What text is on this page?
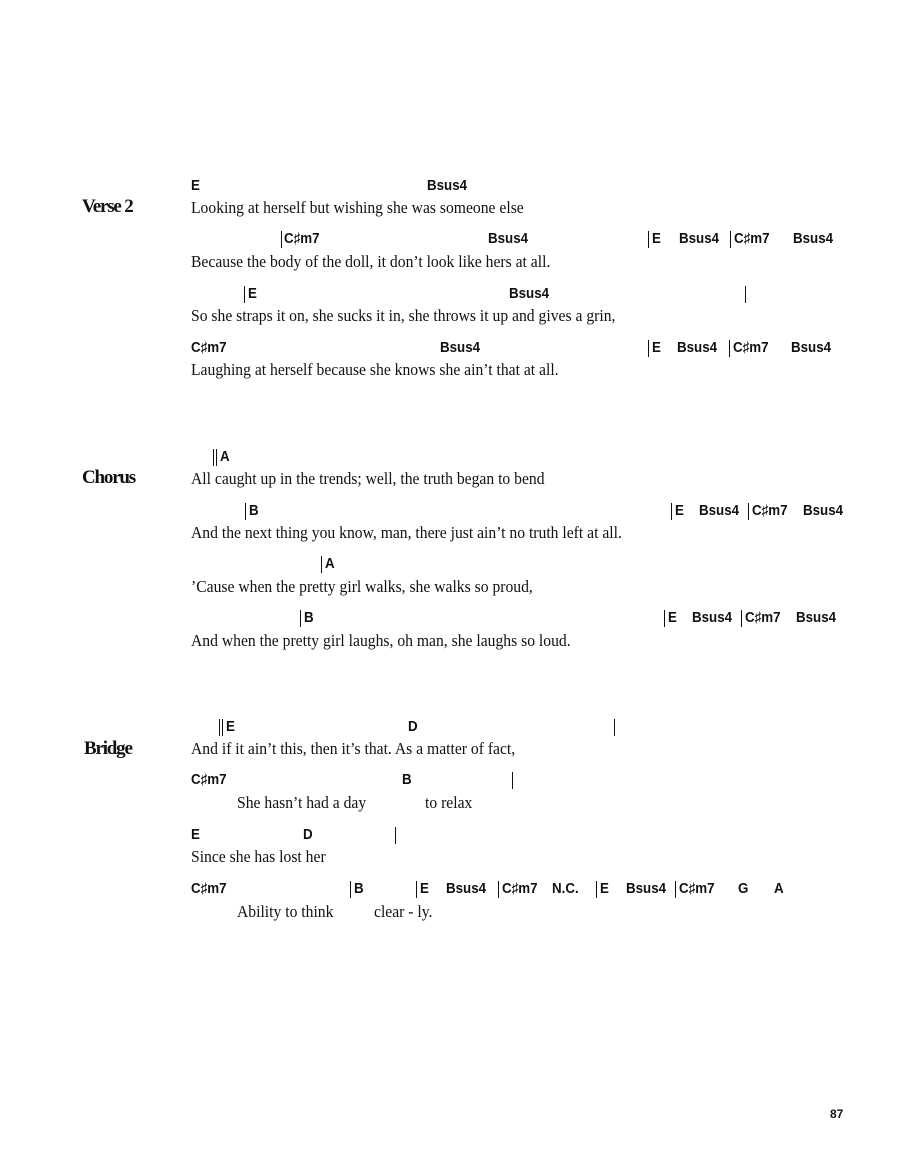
Verse 2
E	Bsus4
Looking at herself but wishing she was someone else
C♯m7	Bsus4	E Bsus4 C♯m7 Bsus4
Because the body of the doll, it don’t look like hers at all.
E	Bsus4
So she straps it on, she sucks it in, she throws it up and gives a grin,
C♯m7	Bsus4	E Bsus4 C♯m7 Bsus4
Laughing at herself because she knows she ain’t that at all.
Chorus
A
All caught up in the trends; well, the truth began to bend
B	E Bsus4 C♯m7 Bsus4
And the next thing you know, man, there just ain’t no truth left at all.
A
’Cause when the pretty girl walks, she walks so proud,
B	E Bsus4 C♯m7 Bsus4
And when the pretty girl laughs, oh man, she laughs so loud.
Bridge
E	D
And if it ain’t this, then it’s that. As a matter of fact,
C♯m7	B
She hasn’t had a day	to relax
E	D
Since she has lost her
C♯m7	B	E Bsus4 C♯m7 N.C. E Bsus4 C♯m7 G A
Ability to think clear - ly.
87
